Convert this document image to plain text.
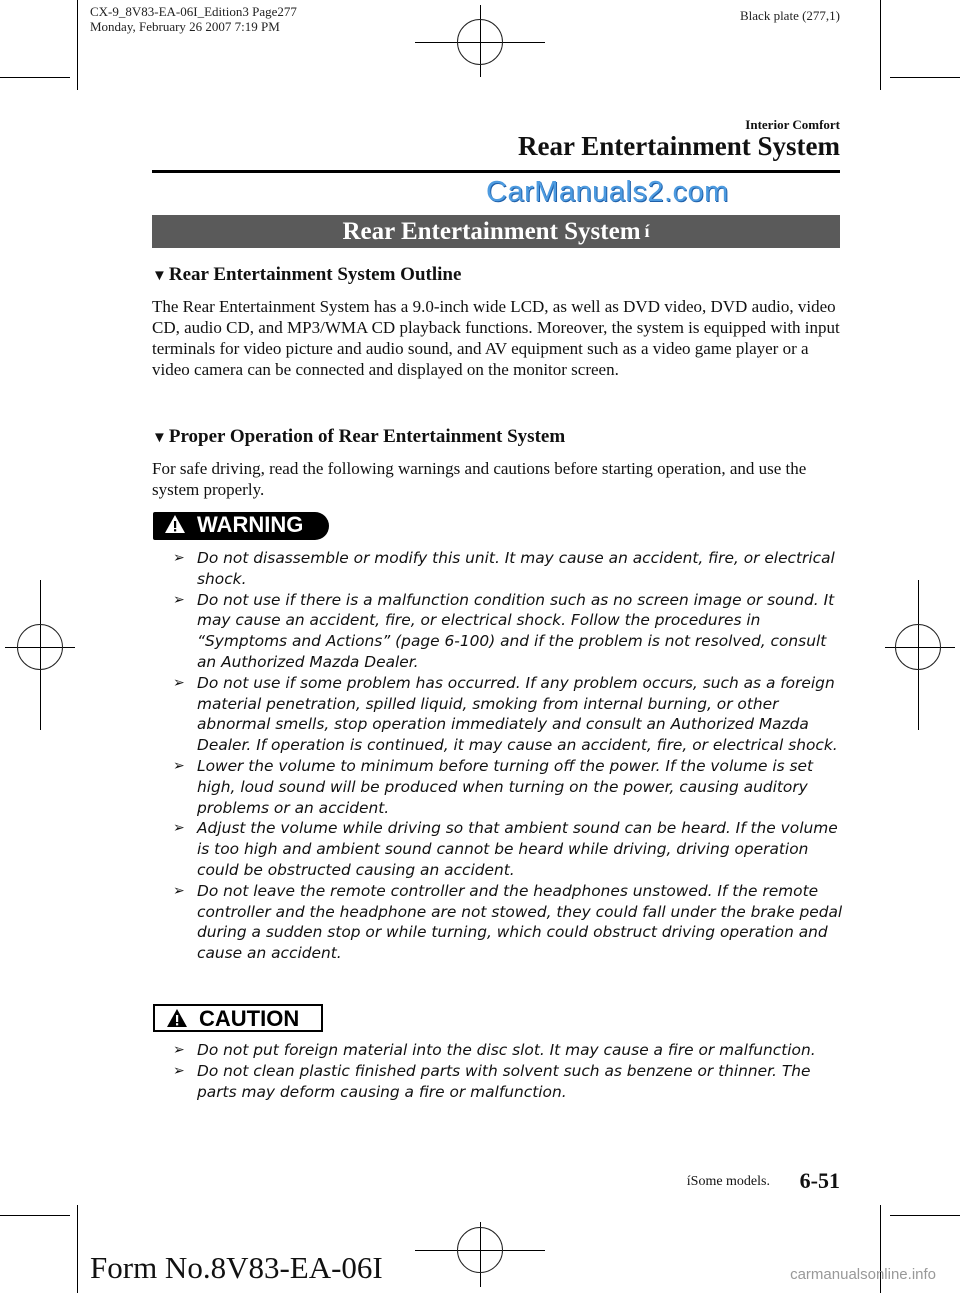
CX-9_8V83-EA-06I_Edition3 Page277
Monday, February 26 2007 7:19 PM
Black plate (277,1)
Interior Comfort
Rear Entertainment System
CarManuals2.com
Rear Entertainment System $^í$
▼ Rear Entertainment System Outline

The Rear Entertainment System has a 9.0-inch wide LCD, as well as DVD video, DVD audio, video CD, audio CD, and MP3/WMA CD playback functions. Moreover, the system is equipped with input terminals for video picture and audio sound, and AV equipment such as a video game player or a video camera can be connected and displayed on the monitor screen.

▼ Proper Operation of Rear Entertainment System

For safe driving, read the following warnings and cautions before starting operation, and use the system properly.

WARNING
➢ Do not disassemble or modify this unit. It may cause an accident, fire, or electrical shock.
➢ Do not use if there is a malfunction condition such as no screen image or sound. It may cause an accident, fire, or electrical shock. Follow the procedures in “Symptoms and Actions” (page 6-100) and if the problem is not resolved, consult an Authorized Mazda Dealer.
➢ Do not use if some problem has occurred. If any problem occurs, such as a foreign material penetration, spilled liquid, smoking from internal burning, or other abnormal smells, stop operation immediately and consult an Authorized Mazda Dealer. If operation is continued, it may cause an accident, fire, or electrical shock.
➢ Lower the volume to minimum before turning off the power. If the volume is set high, loud sound will be produced when turning on the power, causing auditory problems or an accident.
➢ Adjust the volume while driving so that ambient sound can be heard. If the volume is too high and ambient sound cannot be heard while driving, driving operation could be obstructed causing an accident.
➢ Do not leave the remote controller and the headphones unstowed. If the remote controller and the headphone are not stowed, they could fall under the brake pedal during a sudden stop or while turning, which could obstruct driving operation and cause an accident.
CAUTION
➢ Do not put foreign material into the disc slot. It may cause a fire or malfunction.
➢ Do not clean plastic finished parts with solvent such as benzene or thinner. The parts may deform causing a fire or malfunction.
íSome models. 6-51
Form No.8V83-EA-06I	carmanualsonline.info
